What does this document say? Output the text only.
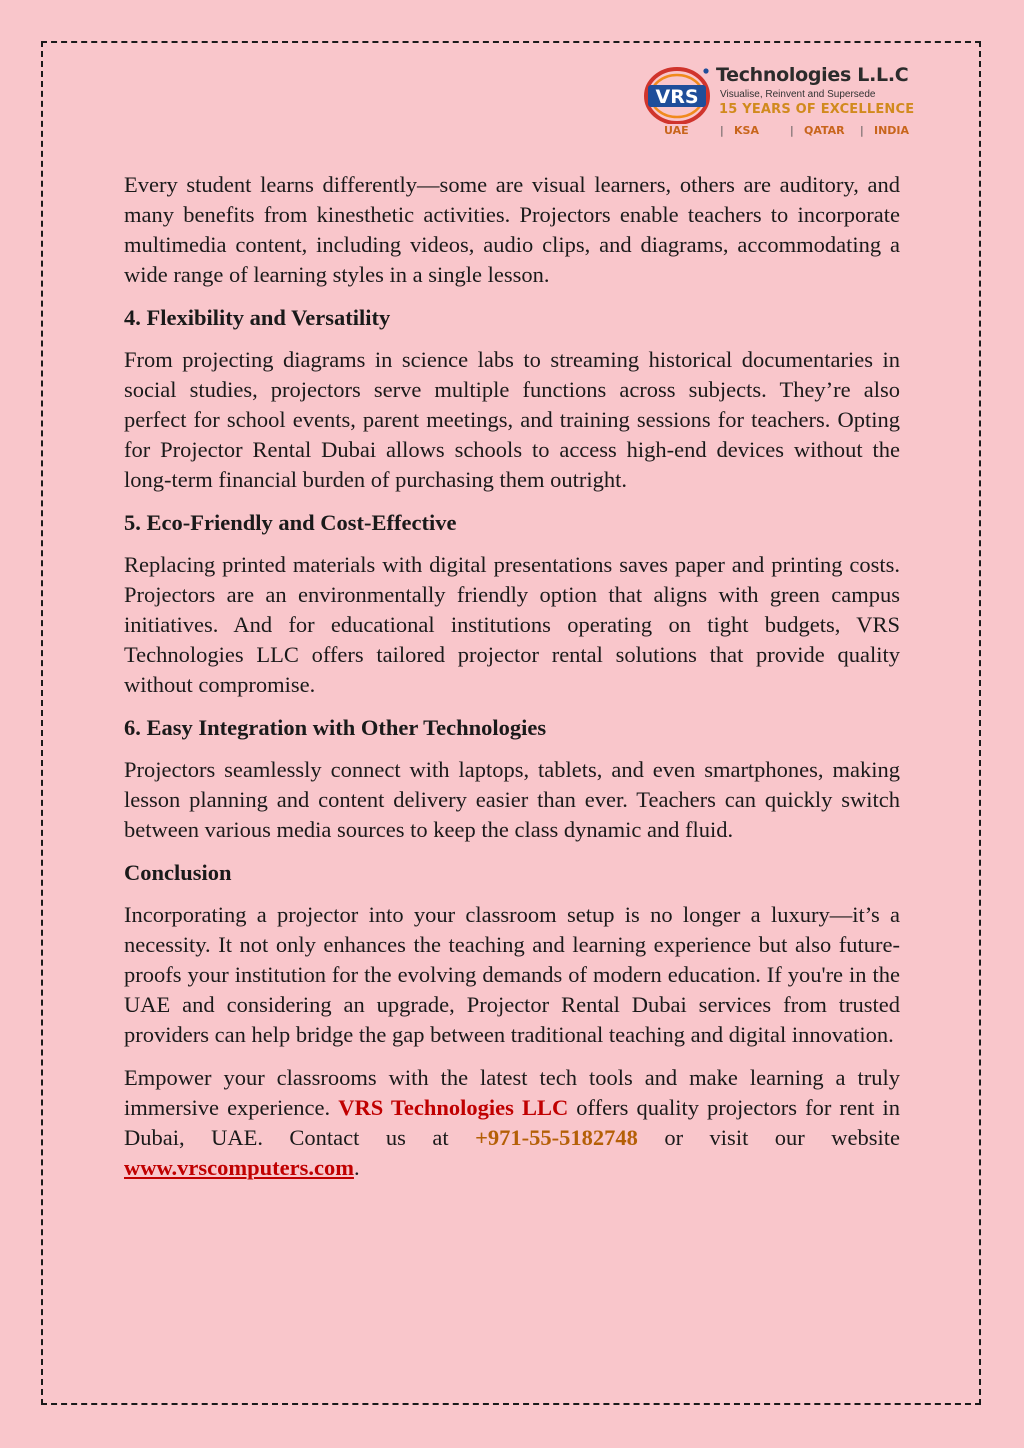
VRS
Technologies L.L.C
Visualise, Reinvent and Supersede
15 YEARS OF EXCELLENCE
UAE	| KSA	| QATAR	| INDIA

Every student learns differently—some are visual learners, others are auditory, and many benefits from kinesthetic activities. Projectors enable teachers to incorporate multimedia content, including videos, audio clips, and diagrams, accommodating a wide range of learning styles in a single lesson.

4. Flexibility and Versatility

From projecting diagrams in science labs to streaming historical documentaries in social studies, projectors serve multiple functions across subjects. They’re also perfect for school events, parent meetings, and training sessions for teachers. Opting for Projector Rental Dubai allows schools to access high-end devices without the long-term financial burden of purchasing them outright.

5. Eco-Friendly and Cost-Effective

Replacing printed materials with digital presentations saves paper and printing costs. Projectors are an environmentally friendly option that aligns with green campus initiatives. And for educational institutions operating on tight budgets, VRS Technologies LLC offers tailored projector rental solutions that provide quality without compromise.

6. Easy Integration with Other Technologies

Projectors seamlessly connect with laptops, tablets, and even smartphones, making lesson planning and content delivery easier than ever. Teachers can quickly switch between various media sources to keep the class dynamic and fluid.

Conclusion

Incorporating a projector into your classroom setup is no longer a luxury—it’s a necessity. It not only enhances the teaching and learning experience but also future-proofs your institution for the evolving demands of modern education. If you're in the UAE and considering an upgrade, Projector Rental Dubai services from trusted providers can help bridge the gap between traditional teaching and digital innovation.

Empower your classrooms with the latest tech tools and make learning a truly immersive experience. VRS Technologies LLC offers quality projectors for rent in Dubai, UAE. Contact us at +971-55-5182748 or visit our website www.vrscomputers.com.
